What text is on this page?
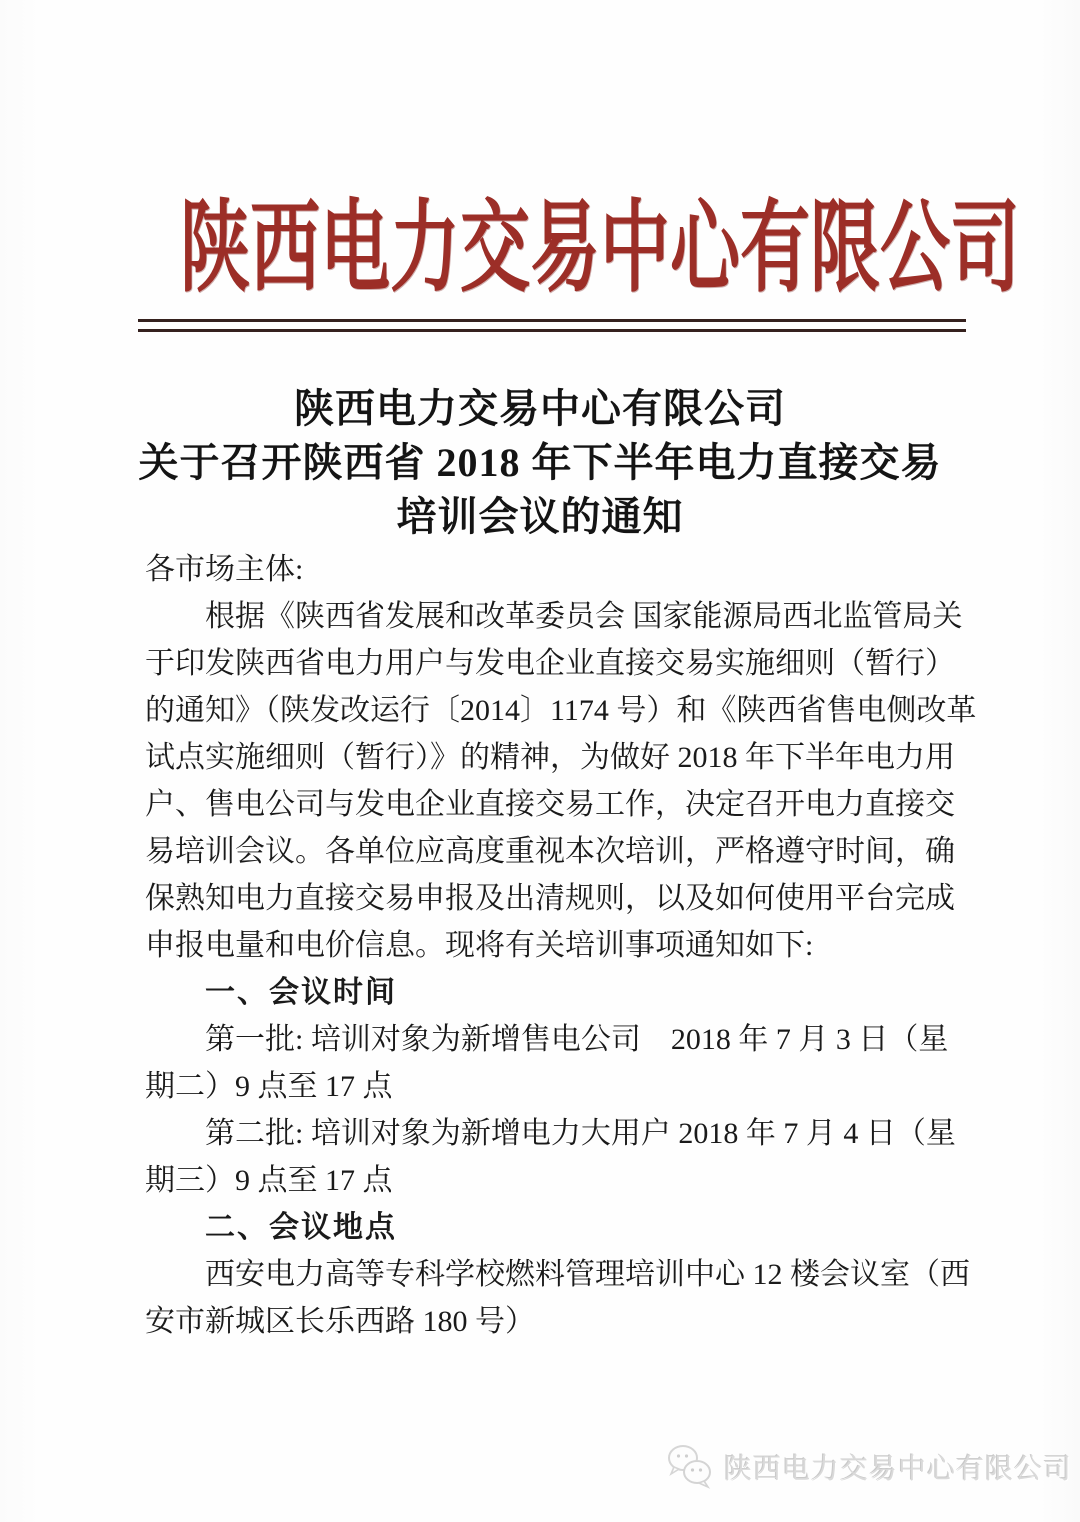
陕西电力交易中心有限公司
陕西电力交易中心有限公司
关于召开陕西省 2018 年下半年电力直接交易
培训会议的通知
各市场主体:
根据《陕西省发展和改革委员会 国家能源局西北监管局关
于印发陕西省电力用户与发电企业直接交易实施细则（暂行）
的通知》（陕发改运行〔2014〕1174 号）和《陕西省售电侧改革
试点实施细则（暂行）》的精神，为做好 2018 年下半年电力用
户、售电公司与发电企业直接交易工作，决定召开电力直接交
易培训会议。各单位应高度重视本次培训，严格遵守时间，确
保熟知电力直接交易申报及出清规则，以及如何使用平台完成
申报电量和电价信息。现将有关培训事项通知如下:
一、会议时间
第一批: 培训对象为新增售电公司　2018 年 7 月 3 日（星
期二）9 点至 17 点
第二批: 培训对象为新增电力大用户 2018 年 7 月 4 日（星
期三）9 点至 17 点
二、会议地点
西安电力高等专科学校燃料管理培训中心 12 楼会议室（西
安市新城区长乐西路 180 号）
陕西电力交易中心有限公司
